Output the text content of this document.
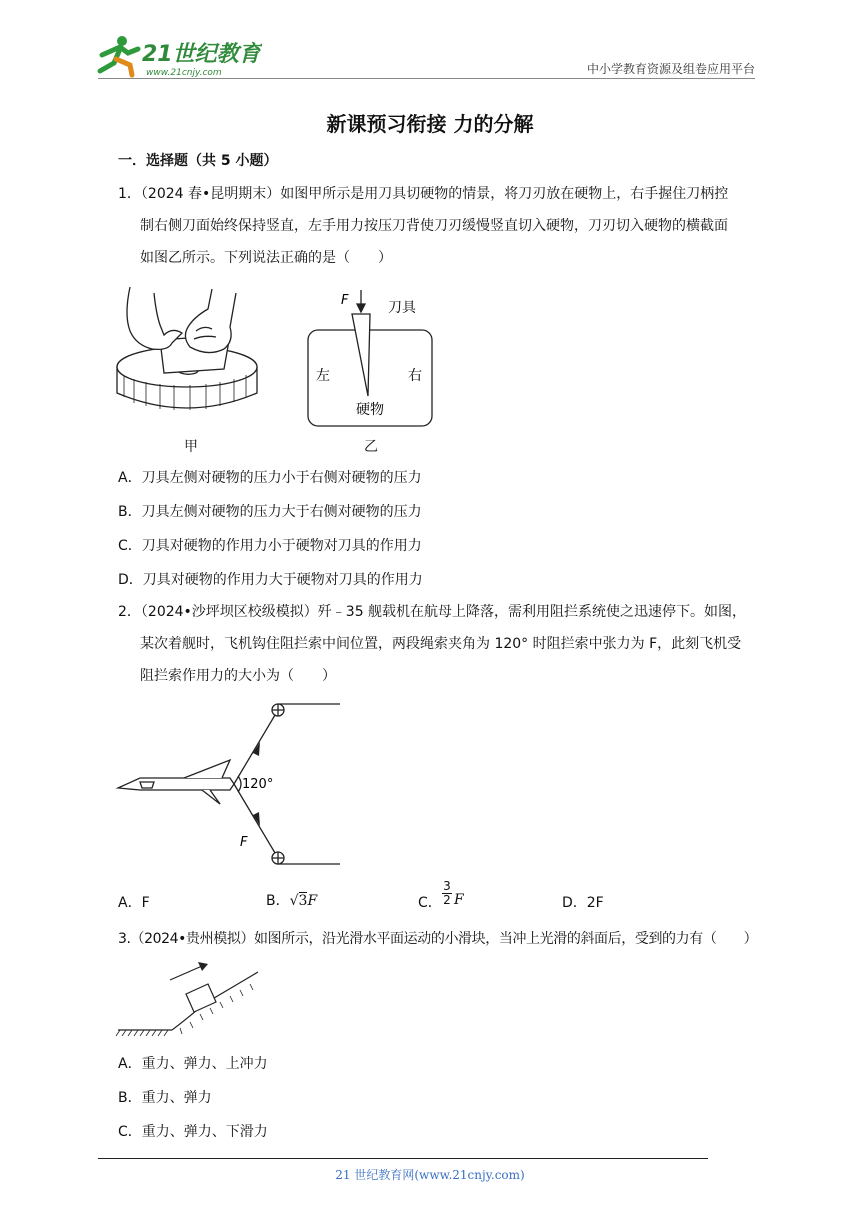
21世纪教育
www.21cnjy.com	中小学教育资源及组卷应用平台
新课预习衔接 力的分解
一．选择题（共 5 小题）
1．（2024 春•昆明期末）如图甲所示是用刀具切硬物的情景，将刀刃放在硬物上，右手握住刀柄控
制右侧刀面始终保持竖直，左手用力按压刀背使刀刃缓慢竖直切入硬物，刀刃切入硬物的横截面
如图乙所示。下列说法正确的是（　　）
甲
F	刀具
左	右
硬物
乙
A．刀具左侧对硬物的压力小于右侧对硬物的压力
B．刀具左侧对硬物的压力大于右侧对硬物的压力
C．刀具对硬物的作用力小于硬物对刀具的作用力
D．刀具对硬物的作用力大于硬物对刀具的作用力
2．（2024•沙坪坝区校级模拟）歼﹣35 舰载机在航母上降落，需利用阻拦系统使之迅速停下。如图，
某次着舰时，飞机钩住阻拦索中间位置，两段绳索夹角为 120° 时阻拦索中张力为 F，此刻飞机受
阻拦索作用力的大小为（　　）
120°
F
A．F	B．√3F	C．
3
2 F	D．2F
3.（2024•贵州模拟）如图所示，沿光滑水平面运动的小滑块，当冲上光滑的斜面后，受到的力有（　　）
A．重力、弹力、上冲力
B．重力、弹力
C．重力、弹力、下滑力
21 世纪教育网(www.21cnjy.com)
